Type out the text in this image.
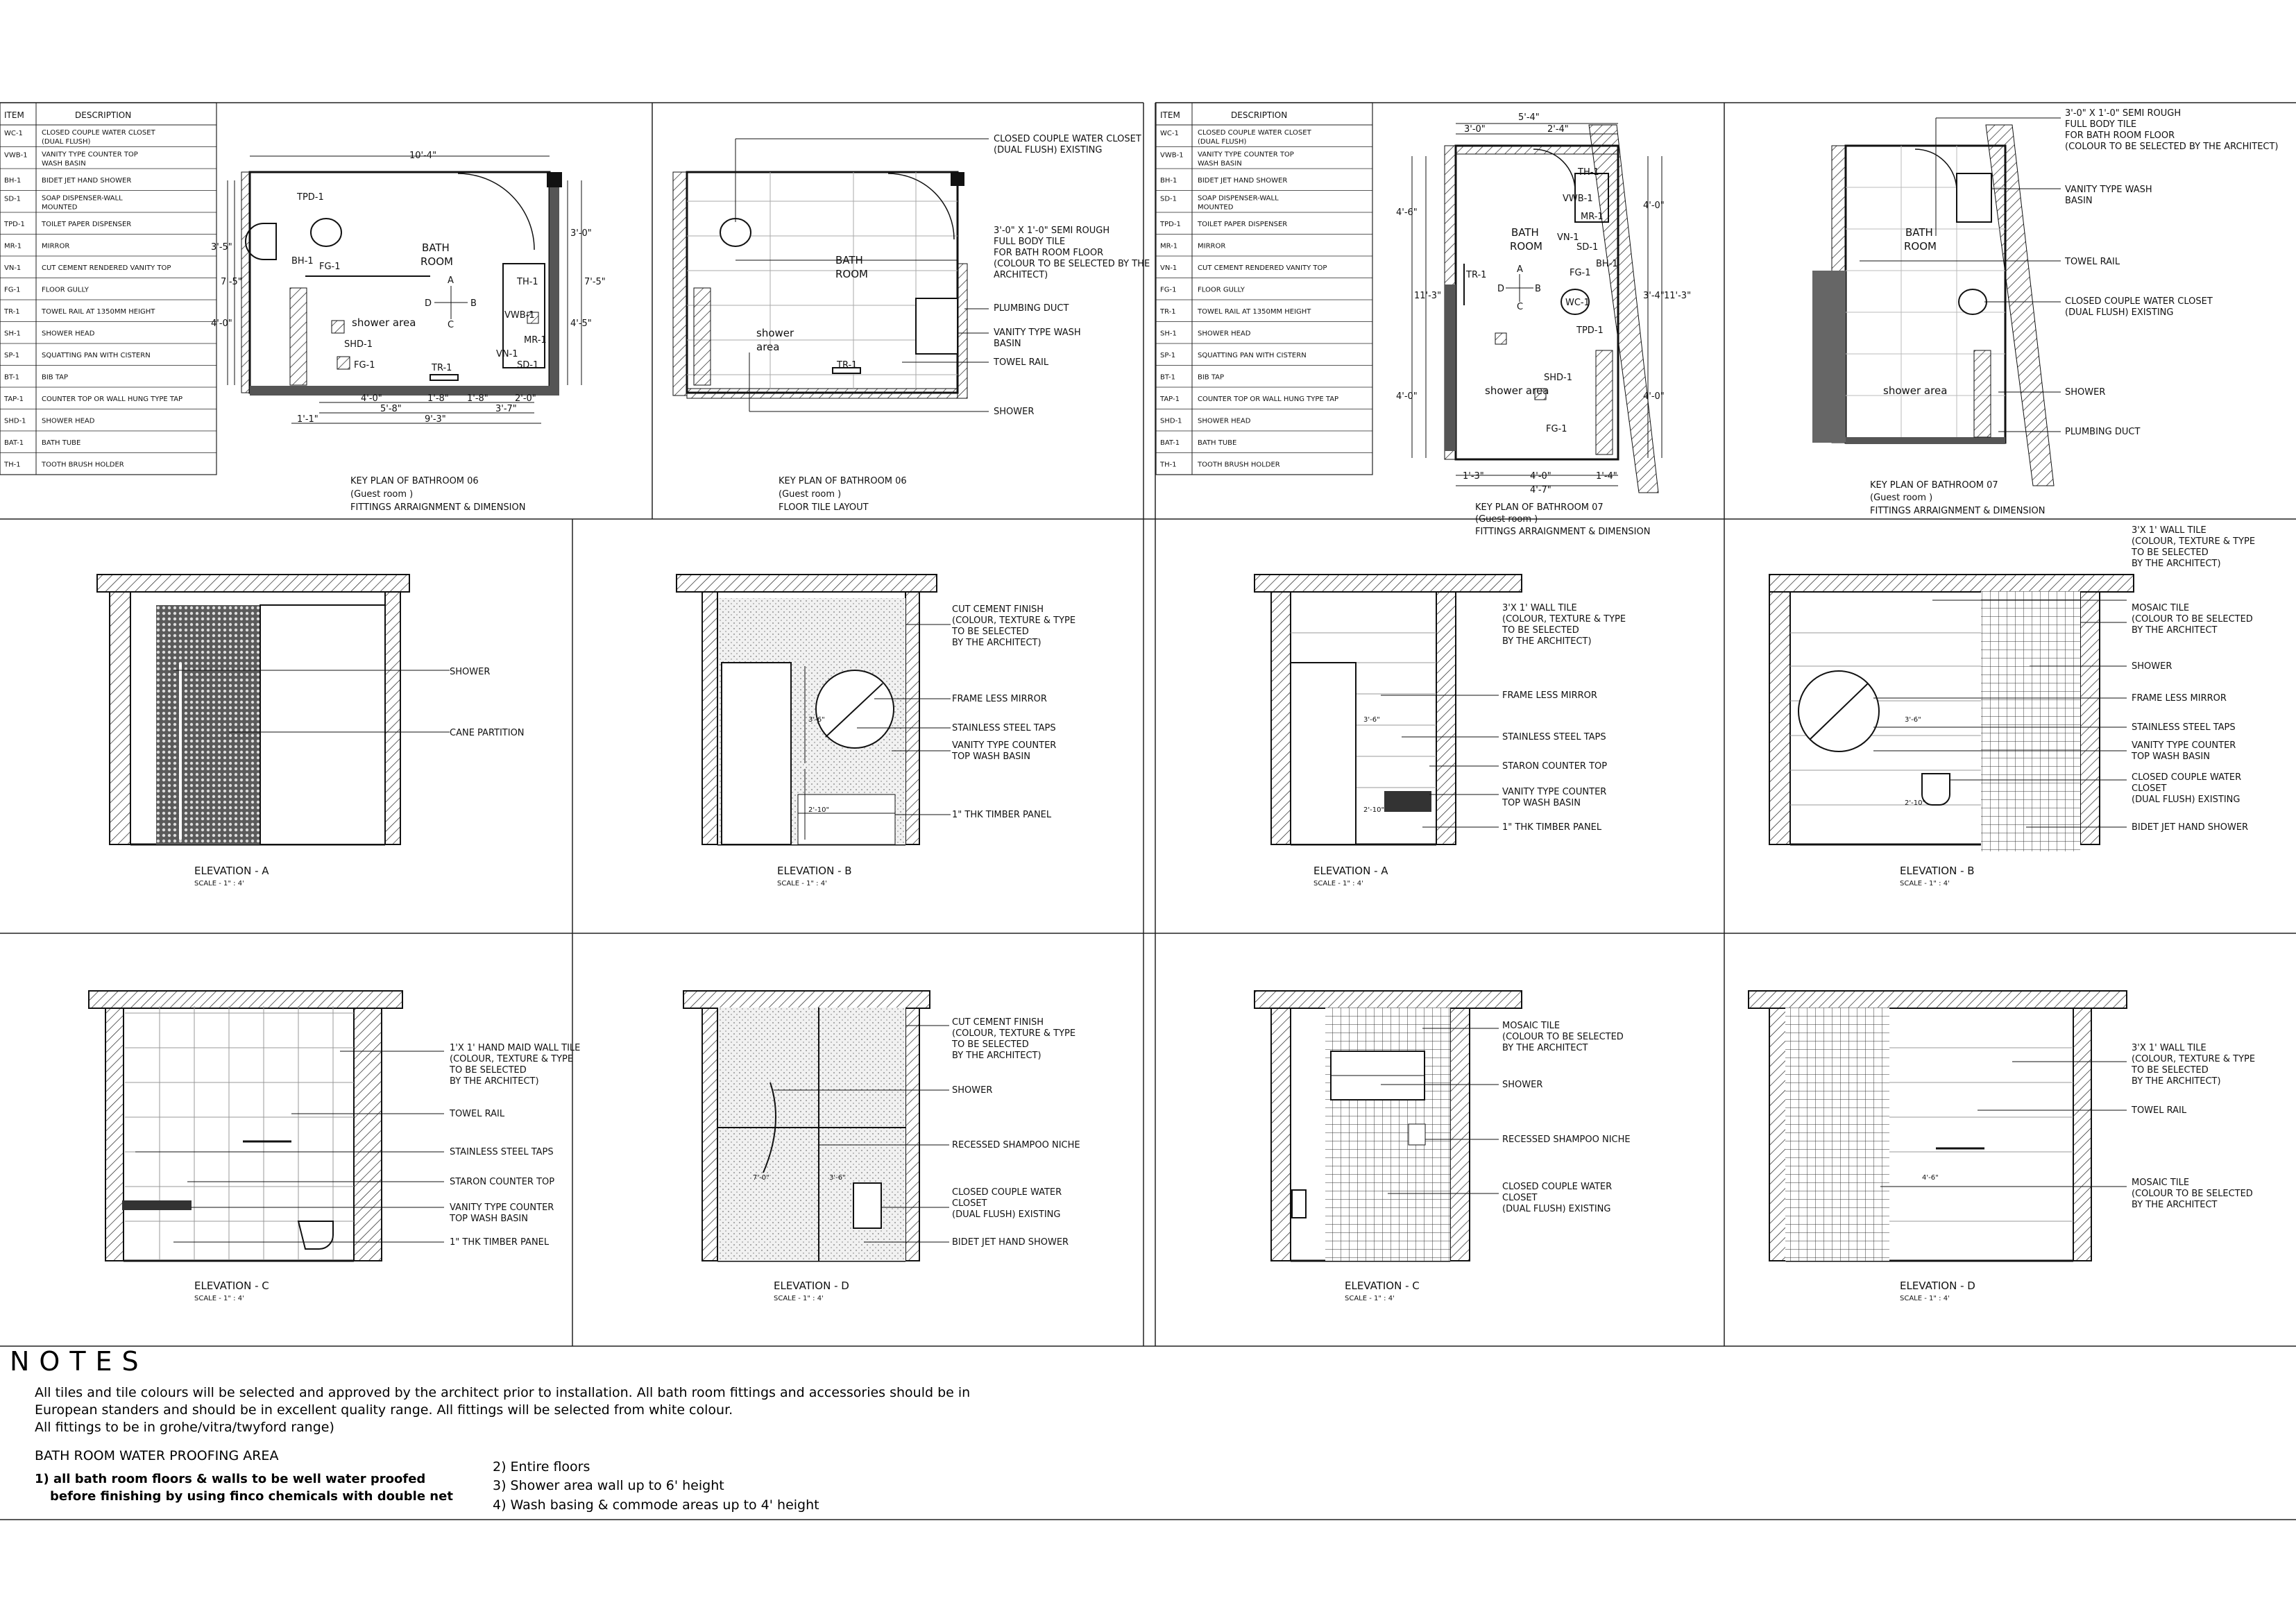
ITEM	DESCRIPTION
WC-1	CLOSED COUPLE WATER CLOSET
(DUAL FLUSH)
VWB-1 VANITY TYPE COUNTER TOP
WASH BASIN
BH-1	BIDET JET HAND SHOWER
SD-1	SOAP DISPENSER-WALL
MOUNTED
TPD-1 TOILET PAPER DISPENSER
MR-1	MIRROR
VN-1	CUT CEMENT RENDERED VANITY TOP
FG-1	FLOOR GULLY
TR-1	TOWEL RAIL AT 1350MM HEIGHT
SH-1	SHOWER HEAD
SP-1	SQUATTING PAN WITH CISTERN
BT-1	BIB TAP
TAP-1	COUNTER TOP OR WALL HUNG TYPE TAP
SHD-1 SHOWER HEAD
BAT-1	BATH TUBE
TH-1	TOOTH BRUSH HOLDER
ITEM	DESCRIPTION
WC-1	CLOSED COUPLE WATER CLOSET
(DUAL FLUSH)
VWB-1 VANITY TYPE COUNTER TOP
WASH BASIN
BH-1	BIDET JET HAND SHOWER
SD-1	SOAP DISPENSER-WALL
MOUNTED
TPD-1 TOILET PAPER DISPENSER
MR-1	MIRROR
VN-1	CUT CEMENT RENDERED VANITY TOP
FG-1	FLOOR GULLY
TR-1	TOWEL RAIL AT 1350MM HEIGHT
SH-1	SHOWER HEAD
SP-1	SQUATTING PAN WITH CISTERN
BT-1	BIB TAP
TAP-1	COUNTER TOP OR WALL HUNG TYPE TAP
SHD-1 SHOWER HEAD
BAT-1	BATH TUBE
TH-1	TOOTH BRUSH HOLDER
10'-4"
BATH
ROOM
shower area
TPD-1
BH-1
FG-1
TH-1
VWB-1
MR-1
SD-1
VN-1
SHD-1
FG-1	TR-1
A
B
C
D
4'-0"	1'-8" 1'-8"	2'-0"
5'-8"	3'-7"
1'-1"	9'-3"
3'-5"
4'-0"
7'-5"
3'-0"
4'-5"
7'-5"
KEY PLAN OF BATHROOM 06
(Guest room )
FITTINGS ARRAIGNMENT & DIMENSION
BATH
ROOM
shower
area
TR-1
CLOSED COUPLE WATER CLOSET
(DUAL FLUSH) EXISTING
3'-0" X 1'-0" SEMI ROUGH
FULL BODY TILE
FOR BATH ROOM FLOOR
(COLOUR TO BE SELECTED BY THE
ARCHITECT)
PLUMBING DUCT
VANITY TYPE WASH
BASIN
TOWEL RAIL
SHOWER
KEY PLAN OF BATHROOM 06
(Guest room )
FLOOR TILE LAYOUT
5'-4"
3'-0"	2'-4"
4'-6"
11'-3"
4'-0"
4'-0"
3'-4" 11'-3"
4'-0"
1'-3"	4'-0"	1'-4"
4'-7"
BATH
ROOM
shower area
TH-1
VWB-1
MR-1
VN-1
SD-1
BH-1
FG-1
WC-1
TPD-1
TR-1
SHD-1
FG-1
A
B
C
D
KEY PLAN OF BATHROOM 07
(Guest room )
FITTINGS ARRAIGNMENT & DIMENSION
3'-0" X 1'-0" SEMI ROUGH
FULL BODY TILE
FOR BATH ROOM FLOOR
(COLOUR TO BE SELECTED BY THE ARCHITECT)
VANITY TYPE WASH
BASIN
TOWEL RAIL
CLOSED COUPLE WATER CLOSET
(DUAL FLUSH) EXISTING
SHOWER
PLUMBING DUCT
BATH
ROOM
shower area
KEY PLAN OF BATHROOM 07
(Guest room )
FITTINGS ARRAIGNMENT & DIMENSION
SHOWER
CANE PARTITION
ELEVATION - A
SCALE - 1" : 4'
CUT CEMENT FINISH
(COLOUR, TEXTURE & TYPE
TO BE SELECTED
BY THE ARCHITECT)
FRAME LESS MIRROR
STAINLESS STEEL TAPS
VANITY TYPE COUNTER
TOP WASH BASIN
1" THK TIMBER PANEL
3'-6"
2'-10"
ELEVATION - B
SCALE - 1" : 4'
1'X 1' HAND MAID WALL TILE
(COLOUR, TEXTURE & TYPE
TO BE SELECTED
BY THE ARCHITECT)
TOWEL RAIL
STAINLESS STEEL TAPS
STARON COUNTER TOP
VANITY TYPE COUNTER
TOP WASH BASIN
1" THK TIMBER PANEL
ELEVATION - C
SCALE - 1" : 4'
CUT CEMENT FINISH
(COLOUR, TEXTURE & TYPE
TO BE SELECTED
BY THE ARCHITECT)
SHOWER
RECESSED SHAMPOO NICHE
CLOSED COUPLE WATER
CLOSET
(DUAL FLUSH) EXISTING
BIDET JET HAND SHOWER
7'-0"	3'-6"
ELEVATION - D
SCALE - 1" : 4'
3'X 1' WALL TILE
(COLOUR, TEXTURE & TYPE
TO BE SELECTED
BY THE ARCHITECT)
FRAME LESS MIRROR
STAINLESS STEEL TAPS
STARON COUNTER TOP
VANITY TYPE COUNTER
TOP WASH BASIN
1" THK TIMBER PANEL
3'-6"
2'-10"
ELEVATION - A
SCALE - 1" : 4'
3'X 1' WALL TILE
(COLOUR, TEXTURE & TYPE
TO BE SELECTED
BY THE ARCHITECT)
MOSAIC TILE
(COLOUR TO BE SELECTED
BY THE ARCHITECT
SHOWER
FRAME LESS MIRROR
STAINLESS STEEL TAPS
VANITY TYPE COUNTER
TOP WASH BASIN
CLOSED COUPLE WATER
CLOSET
(DUAL FLUSH) EXISTING
BIDET JET HAND SHOWER
3'-6"
2'-10"
ELEVATION - B
SCALE - 1" : 4'
MOSAIC TILE
(COLOUR TO BE SELECTED
BY THE ARCHITECT
SHOWER
RECESSED SHAMPOO NICHE
CLOSED COUPLE WATER
CLOSET
(DUAL FLUSH) EXISTING
ELEVATION - C
SCALE - 1" : 4'
3'X 1' WALL TILE
(COLOUR, TEXTURE & TYPE
TO BE SELECTED
BY THE ARCHITECT)
TOWEL RAIL
MOSAIC TILE
(COLOUR TO BE SELECTED
BY THE ARCHITECT
4'-6"
ELEVATION - D
SCALE - 1" : 4'
NOTES
All tiles and tile colours will be selected and approved by the architect prior to installation. All bath room fittings and accessories should be in
European standers and should be in excellent quality range. All fittings will be selected from white colour.
All fittings to be in grohe/vitra/twyford range)
BATH ROOM WATER PROOFING AREA
1) all bath room floors & walls to be well water proofed
before finishing by using finco chemicals with double net
2) Entire floors
3) Shower area wall up to 6' height
4) Wash basing & commode areas up to 4' height
